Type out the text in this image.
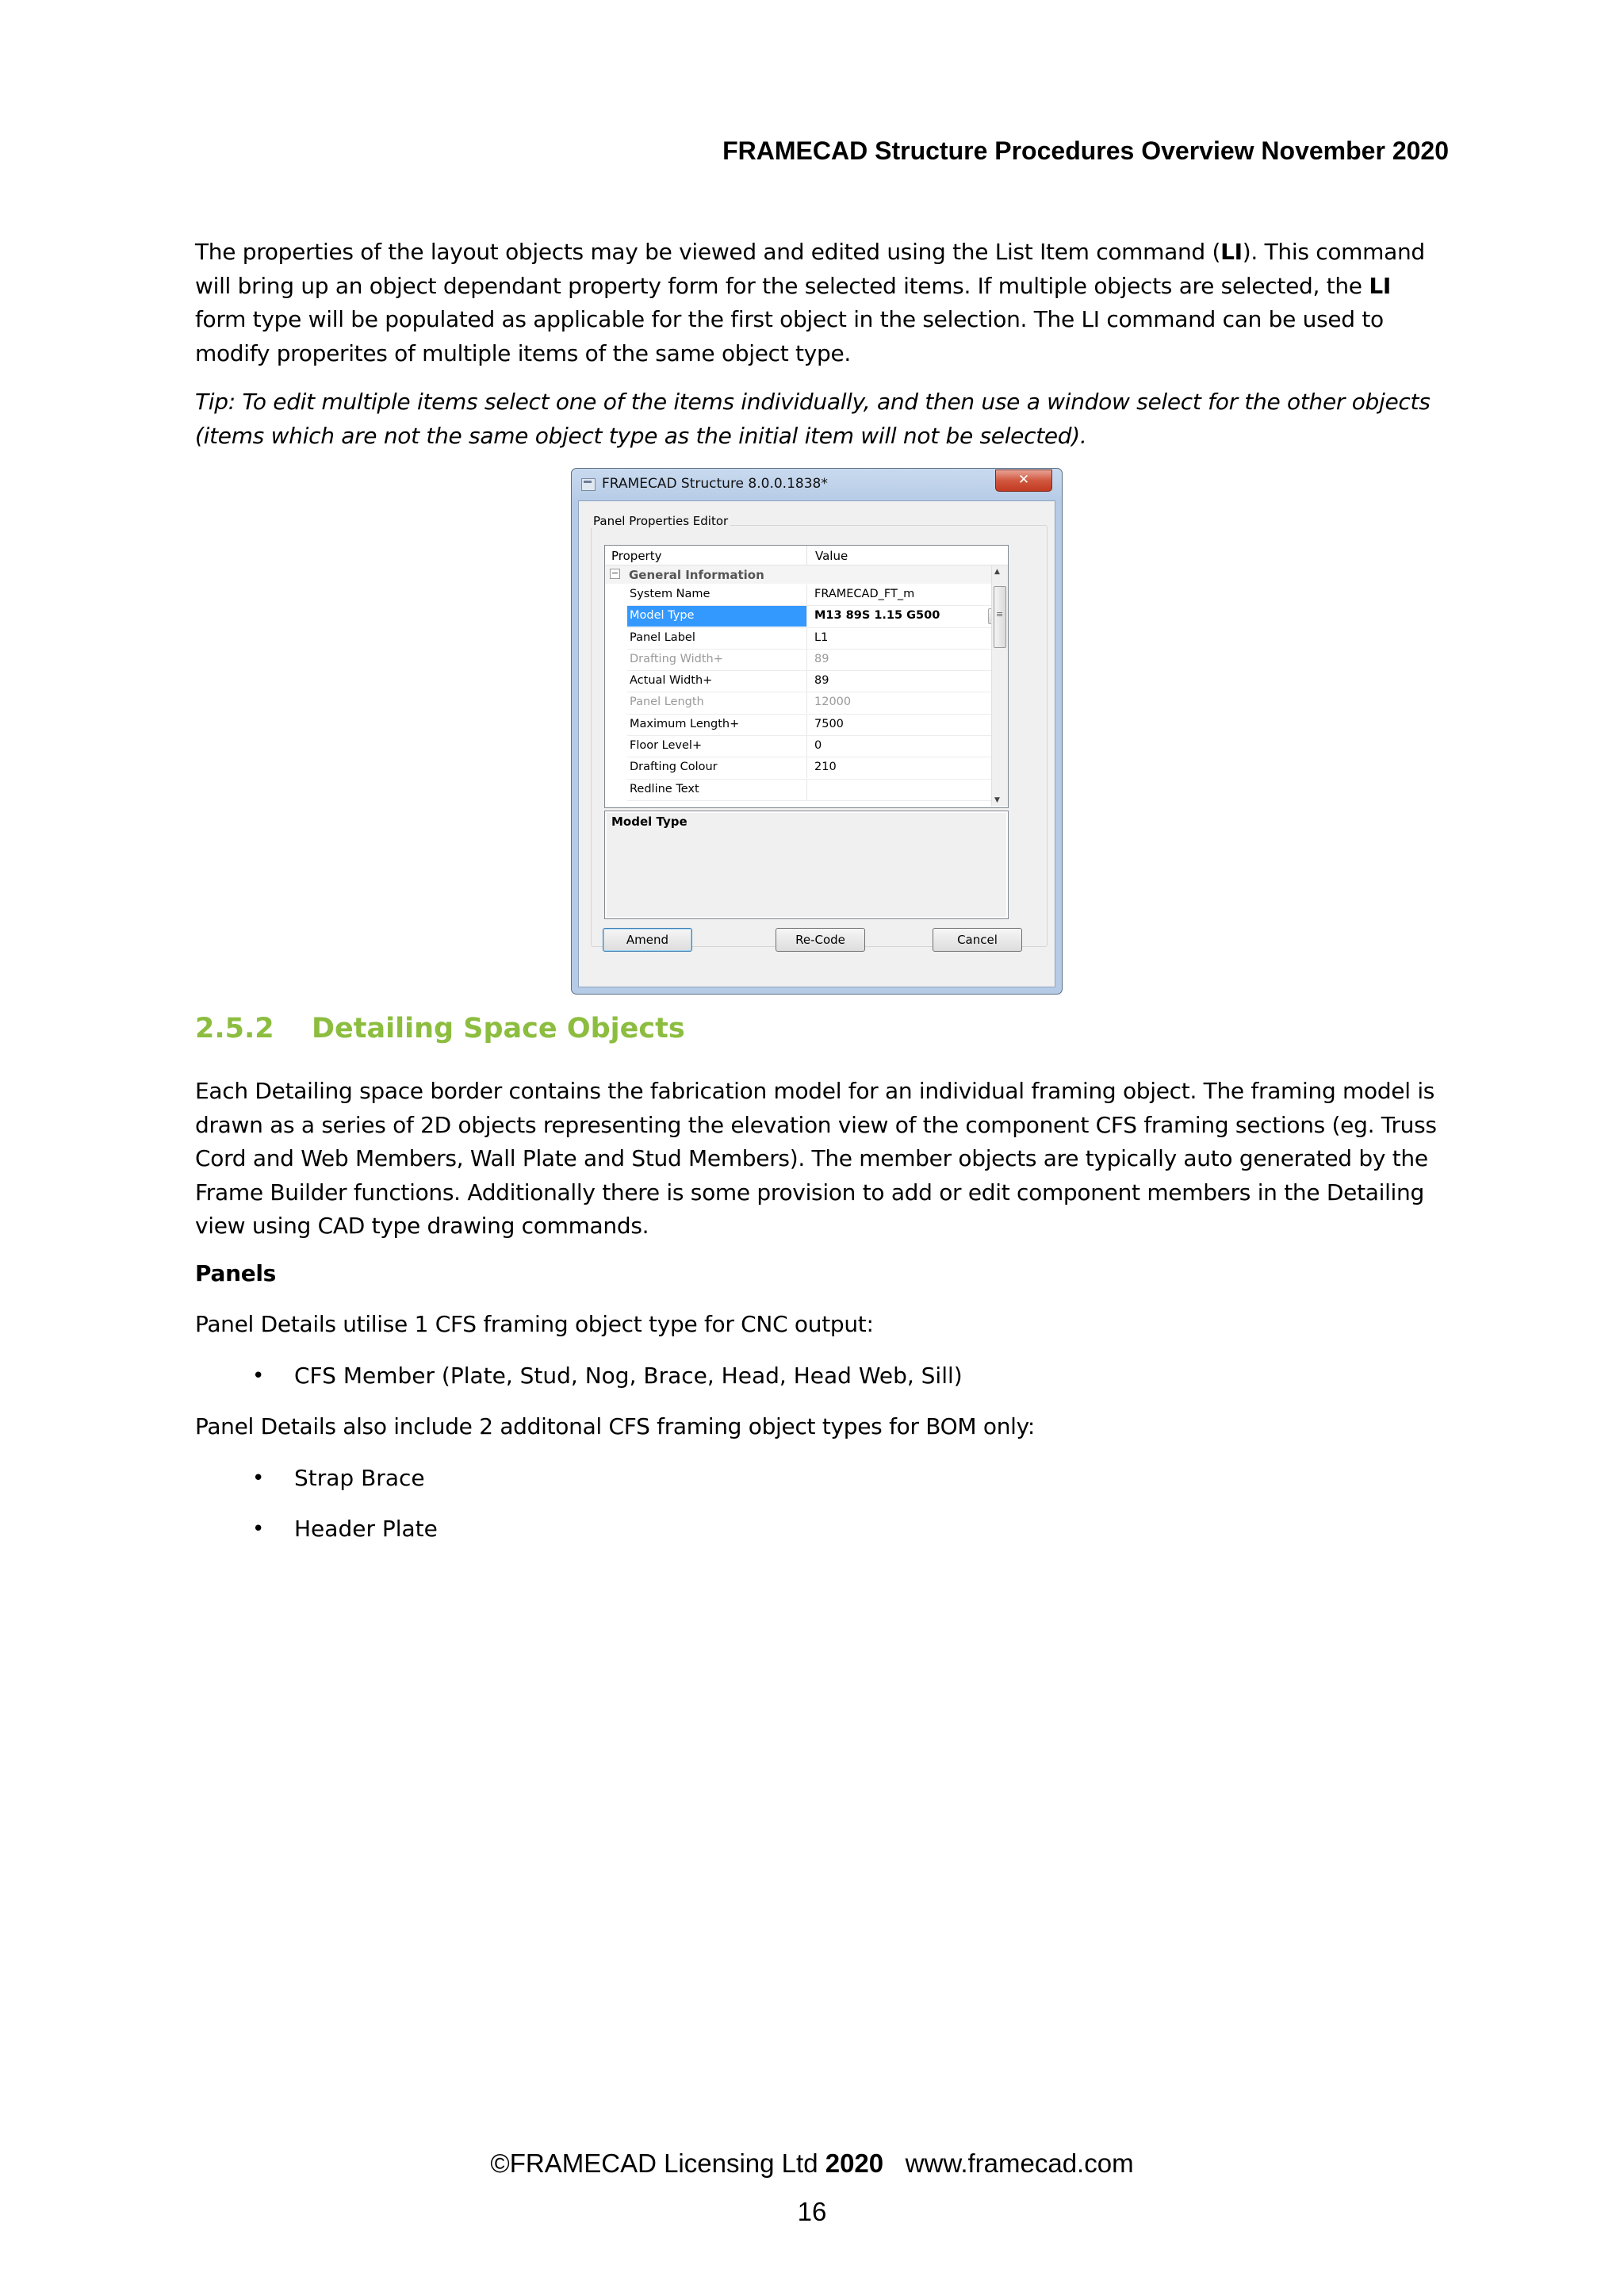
FRAMECAD Structure Procedures Overview November 2020

The properties of the layout objects may be viewed and edited using the List Item command (LI). This command will bring up an object dependant property form for the selected items. If multiple objects are selected, the LI form type will be populated as applicable for the first object in the selection. The LI command can be used to modify properites of multiple items of the same object type.

Tip: To edit multiple items select one of the items individually, and then use a window select for the other objects (items which are not the same object type as the initial item will not be selected).
FRAMECAD Structure 8.0.0.1838*	✕
Panel Properties Editor
Property	Value
− General Information
System Name	FRAMECAD_FT_m
Model Type	M13 89S 1.15 G500
Panel Label	L1
Drafting Width+	89
Actual Width+	89
Panel Length	12000
Maximum Length+	7500
Floor Level+	0
Drafting Colour	210
Redline Text
▲
≡
▼
Model Type
Amend	Re-Code	Cancel
2.5.2 Detailing Space Objects
Each Detailing space border contains the fabrication model for an individual framing object. The framing model is drawn as a series of 2D objects representing the elevation view of the component CFS framing sections (eg. Truss Cord and Web Members, Wall Plate and Stud Members). The member objects are typically auto generated by the Frame Builder functions. Additionally there is some provision to add or edit component members in the Detailing view using CAD type drawing commands.
Panels
Panel Details utilise 1 CFS framing object type for CNC output:
• CFS Member (Plate, Stud, Nog, Brace, Head, Head Web, Sill)
Panel Details also include 2 additonal CFS framing object types for BOM only:
• Strap Brace
• Header Plate
©FRAMECAD Licensing Ltd 2020 www.framecad.com
16
